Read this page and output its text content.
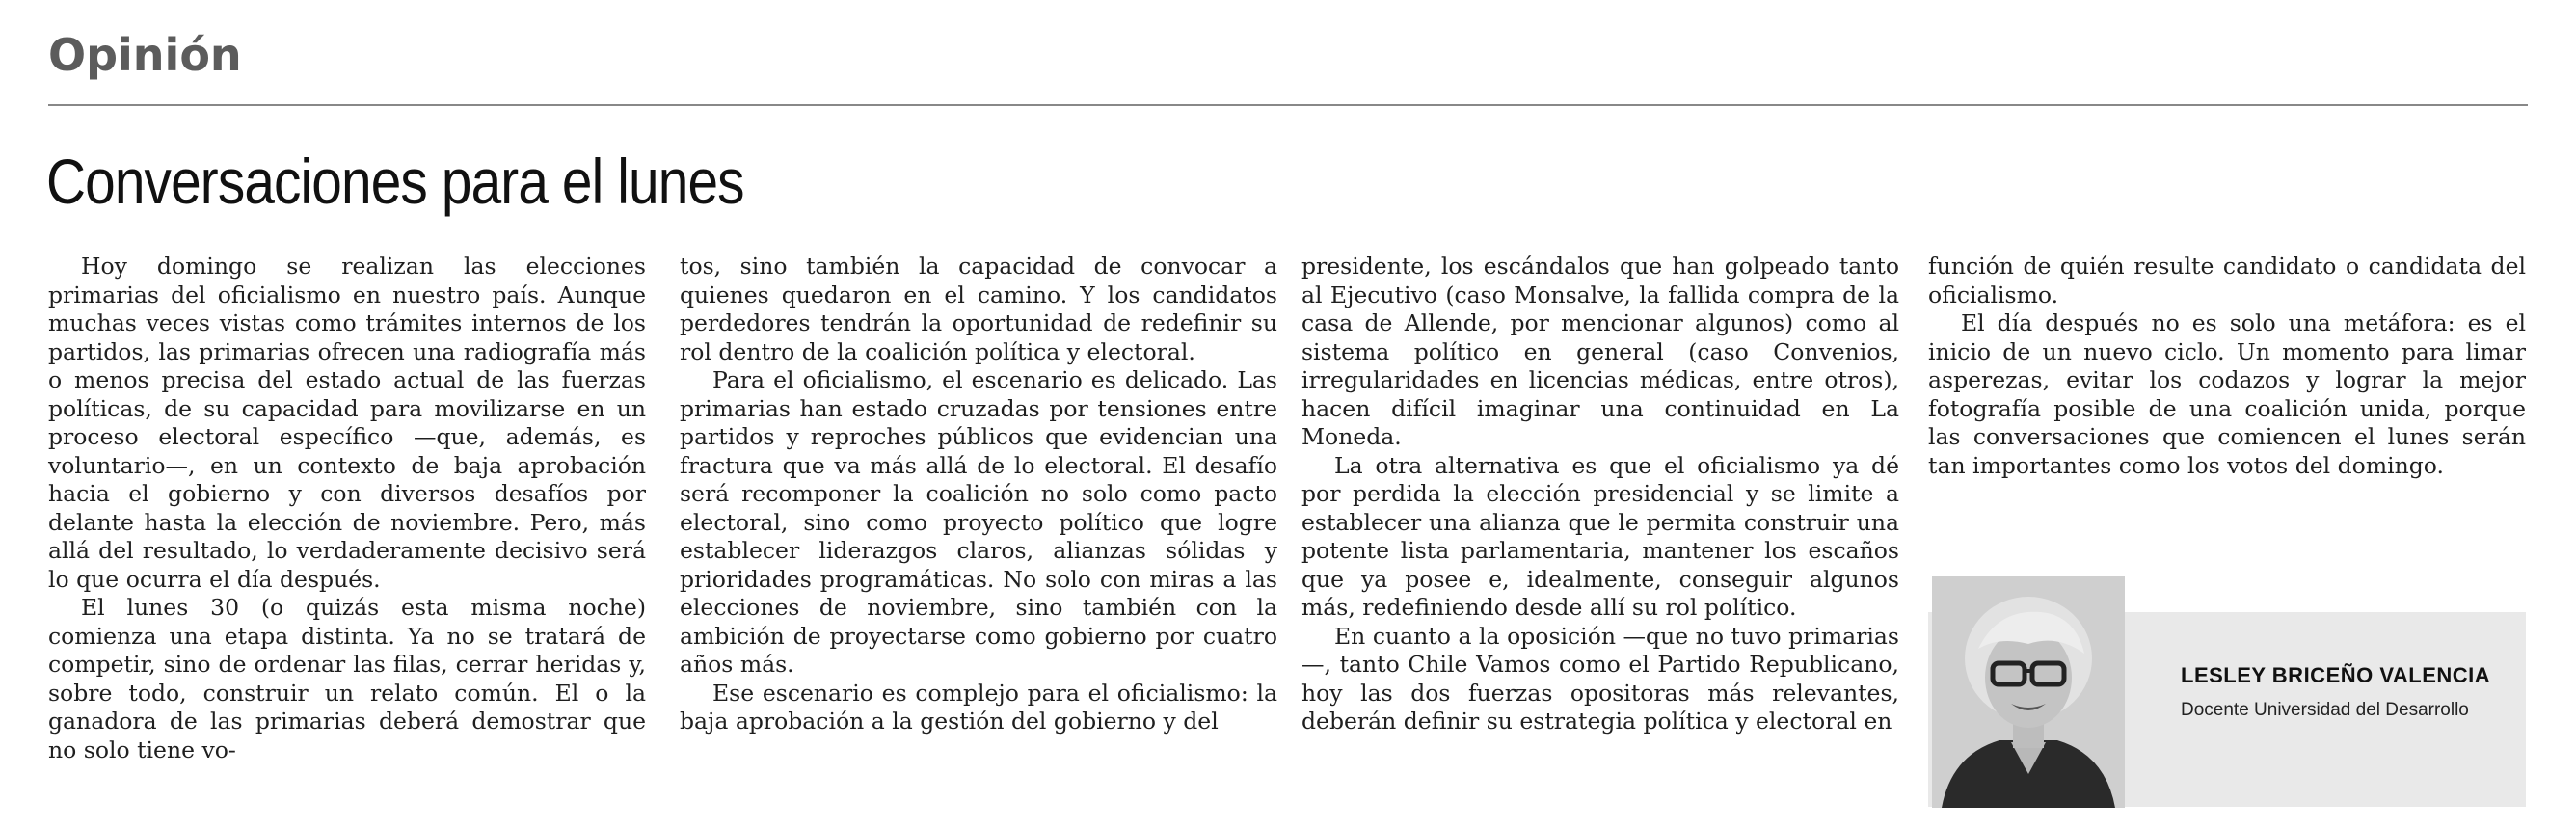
Opinión
Conversaciones para el lunes

Hoy domingo se realizan las elecciones primarias del oficialismo en nuestro país. Aunque muchas veces vistas como trámites internos de los partidos, las primarias ofrecen una radiografía más o menos precisa del estado actual de las fuerzas políticas, de su capacidad para movilizarse en un proceso electoral específico —que, además, es voluntario—, en un contexto de baja aprobación hacia el gobierno y con diversos desafíos por delante hasta la elección de noviembre. Pero, más allá del resultado, lo verdaderamente decisivo será lo que ocurra el día después.

El lunes 30 (o quizás esta misma noche) comienza una etapa distinta. Ya no se tratará de competir, sino de ordenar las filas, cerrar heridas y, sobre todo, construir un relato común. El o la ganadora de las primarias deberá demostrar que no solo tiene vo-

tos, sino también la capacidad de convocar a quienes quedaron en el camino. Y los candidatos perdedores tendrán la oportunidad de redefinir su rol dentro de la coalición política y electoral.

Para el oficialismo, el escenario es delicado. Las primarias han estado cruzadas por tensiones entre partidos y reproches públicos que evidencian una fractura que va más allá de lo electoral. El desafío será recomponer la coalición no solo como pacto electoral, sino como proyecto político que logre establecer liderazgos claros, alianzas sólidas y prioridades programáticas. No solo con miras a las elecciones de noviembre, sino también con la ambición de proyectarse como gobierno por cuatro años más.

Ese escenario es complejo para el oficialismo: la baja aprobación a la gestión del gobierno y del

presidente, los escándalos que han golpeado tanto al Ejecutivo (caso Monsalve, la fallida compra de la casa de Allende, por mencionar algunos) como al sistema político en general (caso Convenios, irregularidades en licencias médicas, entre otros), hacen difícil imaginar una continuidad en La Moneda.

La otra alternativa es que el oficialismo ya dé por perdida la elección presidencial y se limite a establecer una alianza que le permita construir una potente lista parlamentaria, mantener los escaños que ya posee e, idealmente, conseguir algunos más, redefiniendo desde allí su rol político.

En cuanto a la oposición —que no tuvo primarias—, tanto Chile Vamos como el Partido Republicano, hoy las dos fuerzas opositoras más relevantes, deberán definir su estrategia política y electoral en

función de quién resulte candidato o candidata del oficialismo.

El día después no es solo una metáfora: es el inicio de un nuevo ciclo. Un momento para limar asperezas, evitar los codazos y lograr la mejor fotografía posible de una coalición unida, porque las conversaciones que comiencen el lunes serán tan importantes como los votos del domingo.

LESLEY BRICEÑO VALENCIA
Docente Universidad del Desarrollo
